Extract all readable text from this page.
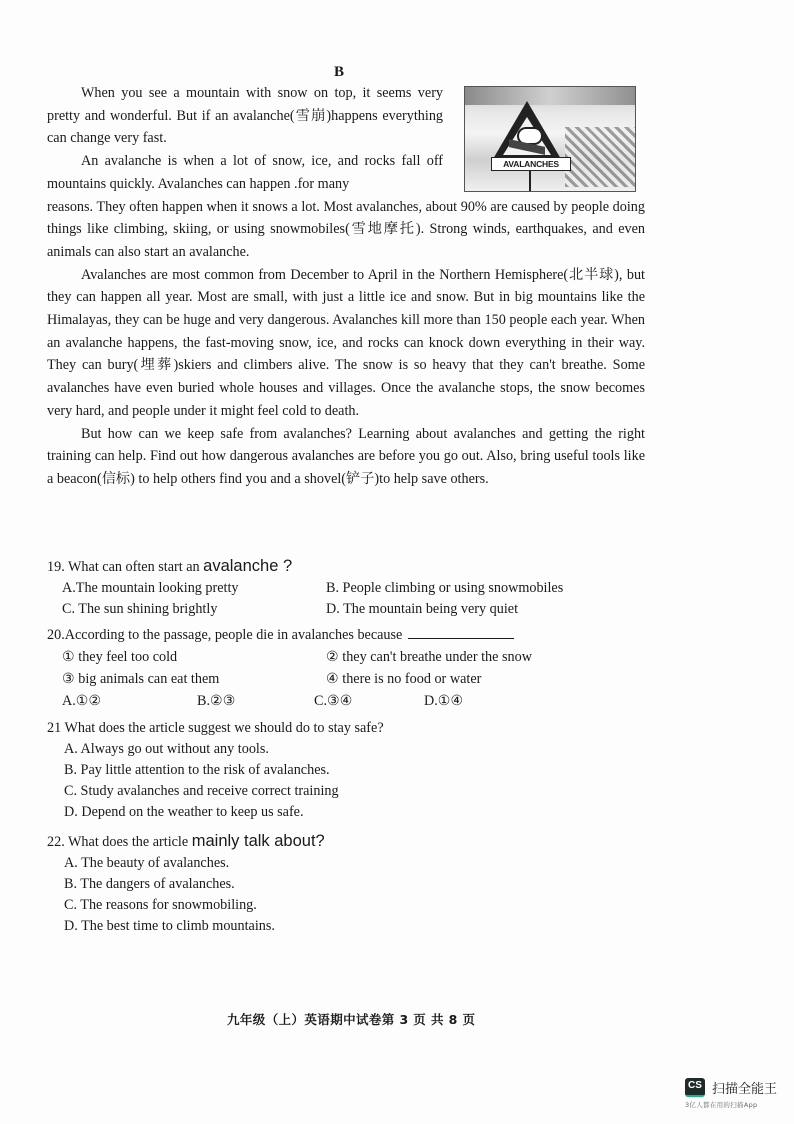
B
AVALANCHES

When you see a mountain with snow on top, it seems very pretty and wonderful. But if an avalanche(雪崩)happens everything can change very fast.

An avalanche is when a lot of snow, ice, and rocks fall off mountains quickly. Avalanches can happen .for many

reasons. They often happen when it snows a lot. Most avalanches, about 90% are caused by people doing things like climbing, skiing, or using snowmobiles(雪地摩托). Strong winds, earthquakes, and even animals can also start an avalanche.

Avalanches are most common from December to April in the Northern Hemisphere(北半球), but they can happen all year. Most are small, with just a little ice and snow. But in big mountains like the Himalayas, they can be huge and very dangerous. Avalanches kill more than 150 people each year. When an avalanche happens, the fast-moving snow, ice, and rocks can knock down everything in their way. They can bury(埋葬)skiers and climbers alive. The snow is so heavy that they can't breathe. Some avalanches have even buried whole houses and villages. Once the avalanche stops, the snow becomes very hard, and people under it might feel cold to death.

But how can we keep safe from avalanches? Learning about avalanches and getting the right training can help. Find out how dangerous avalanches are before you go out. Also, bring useful tools like a beacon(信标) to help others find you and a shovel(铲子)to help save others.

19. What can often start an avalanche ?
A.The mountain looking pretty	B. People climbing or using snowmobiles
C. The sun shining brightly	D. The mountain being very quiet
20.According to the passage, people die in avalanches because
① they feel too cold	② they can't breathe under the snow
③ big animals can eat them	④ there is no food or water
A.①②	B.②③	C.③④	D.①④
21 What does the article suggest we should do to stay safe?
A. Always go out without any tools.
B. Pay little attention to the risk of avalanches.
C. Study avalanches and receive correct training
D. Depend on the weather to keep us safe.
22. What does the article mainly talk about?
A. The beauty of avalanches.
B. The dangers of avalanches.
C. The reasons for snowmobiling.
D. The best time to climb mountains.
九年级（上）英语期中试卷第 3 页 共 8 页
CS 扫描全能王
3亿人都在用的扫描App
